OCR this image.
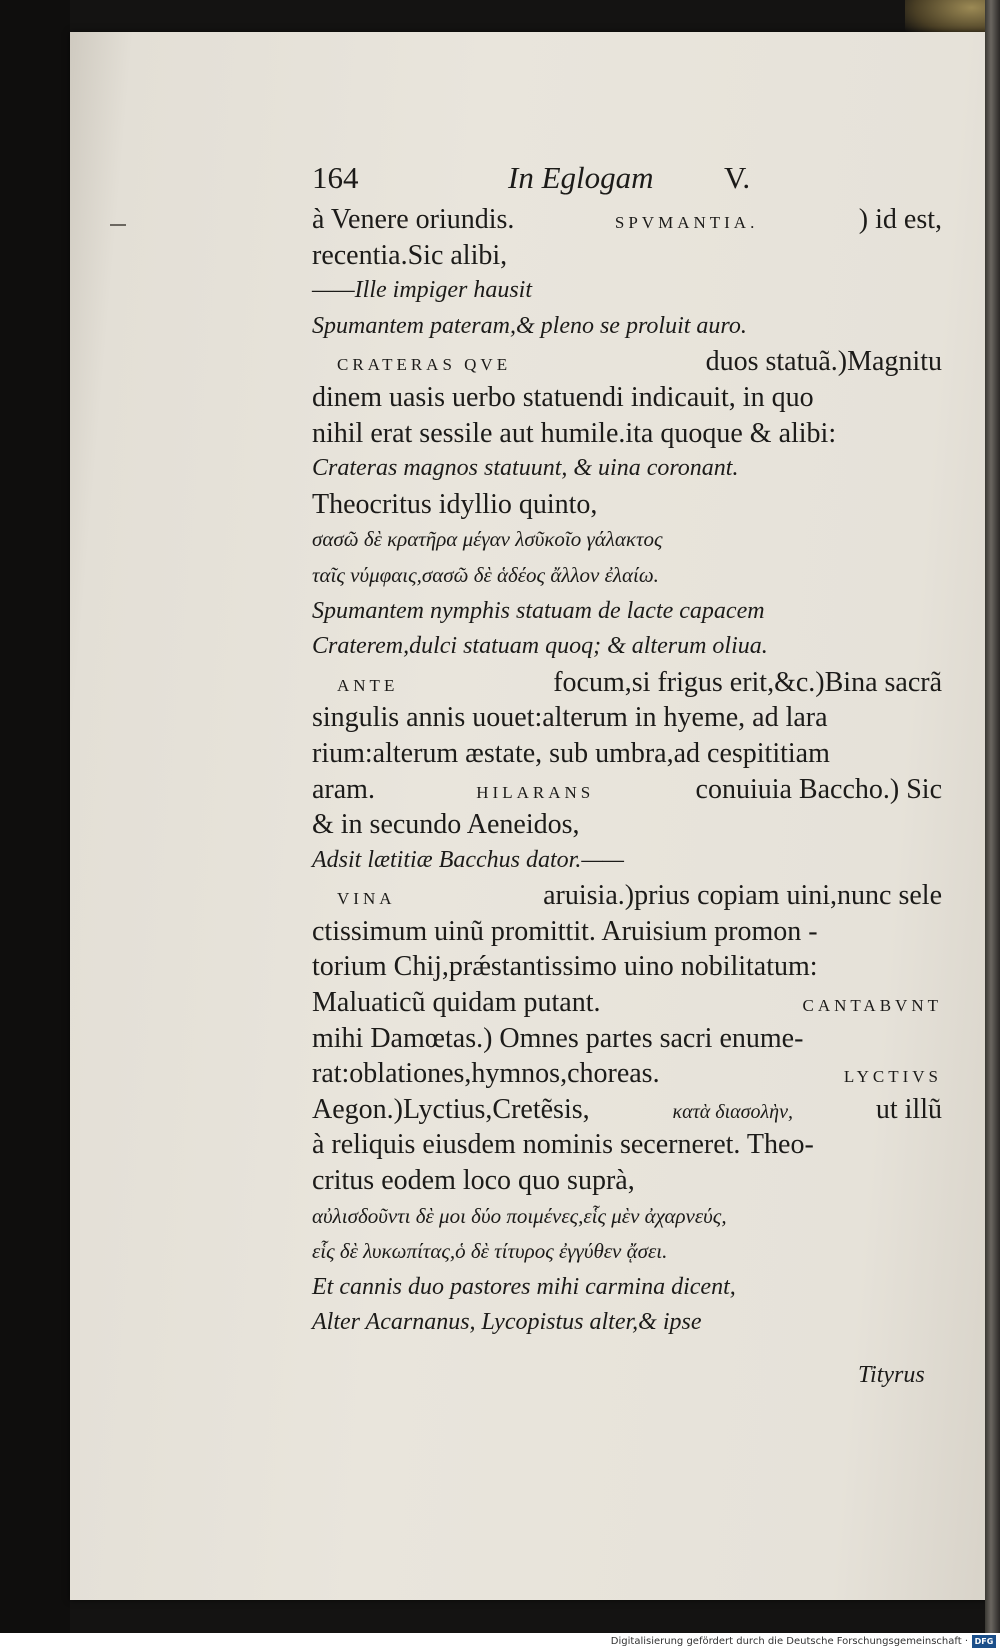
164	In Eglogam V.
à Venere oriundis.	SPVMANTIA.	) id est,
recentia.Sic alibi,
——Ille impiger hausit
Spumantem pateram,& pleno se proluit auro.
CRATERAS QVE	duos statuã.)Magnitu
dinem uasis uerbo statuendi indicauit, in quo
nihil erat sessile aut humile.ita quoque & alibi:
Crateras magnos statuunt, & uina coronant.
Theocritus idyllio quinto,
σασῶ δὲ κρατῆρα μέγαν λσῦκοῖο γάλακτος
ταῖς νύμφαις,σασῶ δὲ ἁδέος ἄλλον ἐλαίω.
Spumantem nymphis statuam de lacte capacem
Craterem,dulci statuam quoq; & alterum oliua.
ANTE	focum,si frigus erit,&c.)Bina sacrã
singulis annis uouet:alterum in hyeme, ad lara
rium:alterum æstate, sub umbra,ad cespititiam
aram.	HILARANS	conuiuia Baccho.) Sic
& in secundo Aeneidos,
Adsit lætitiæ Bacchus dator.——
VINA	aruisia.)prius copiam uini,nunc sele
ctissimum uinũ promittit. Aruisium promon -
torium Chij,prǽstantissimo uino nobilitatum:
Maluaticũ quidam putant.	CANTABVNT
mihi Damœtas.) Omnes partes sacri enume-
rat:oblationes,hymnos,choreas.	LYCTIVS
Aegon.)Lyctius,Cretẽsis,	κατὰ διασολὴν,	ut illũ
à reliquis eiusdem nominis secerneret. Theo-
critus eodem loco quo suprà,
αὐλισδοῦντι δὲ μοι δύο ποιμένες,εἷς μὲν ἀχαρνεύς,
εἷς δὲ λυκωπίτας,ὁ δὲ τίτυρος ἐγγύθεν ᾄσει.
Et cannis duo pastores mihi carmina dicent,
Alter Acarnanus, Lycopistus alter,& ipse
Tityrus
Digitalisierung gefördert durch die Deutsche Forschungsgemeinschaft · DFG
